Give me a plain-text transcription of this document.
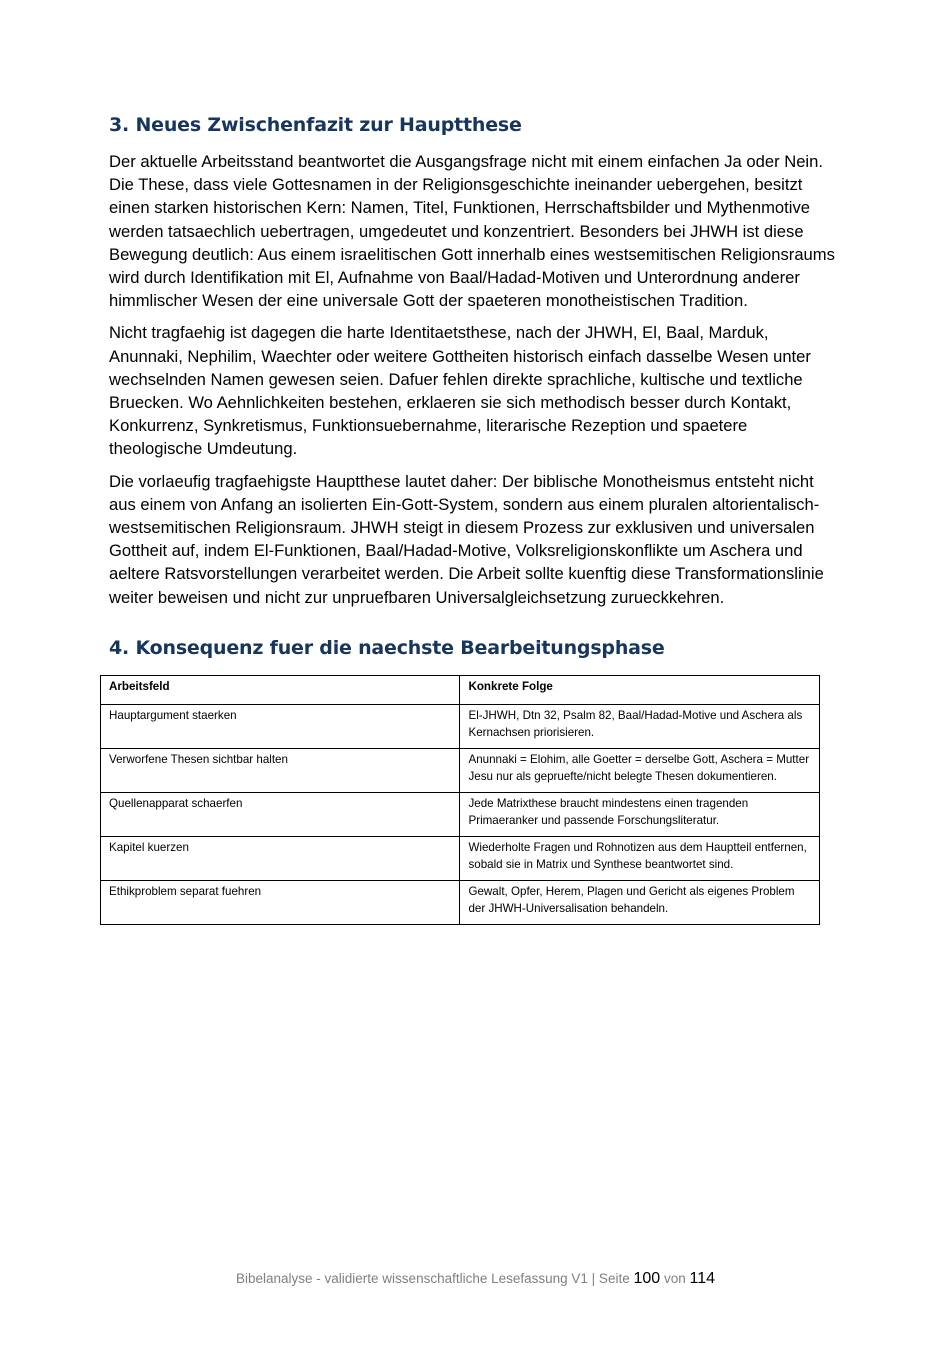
3. Neues Zwischenfazit zur Hauptthese

Der aktuelle Arbeitsstand beantwortet die Ausgangsfrage nicht mit einem einfachen Ja oder Nein. Die These, dass viele Gottesnamen in der Religionsgeschichte ineinander uebergehen, besitzt einen starken historischen Kern: Namen, Titel, Funktionen, Herrschaftsbilder und Mythenmotive werden tatsaechlich uebertragen, umgedeutet und konzentriert. Besonders bei JHWH ist diese Bewegung deutlich: Aus einem israelitischen Gott innerhalb eines westsemitischen Religionsraums wird durch Identifikation mit El, Aufnahme von Baal/Hadad-Motiven und Unterordnung anderer himmlischer Wesen der eine universale Gott der spaeteren monotheistischen Tradition.

Nicht tragfaehig ist dagegen die harte Identitaetsthese, nach der JHWH, El, Baal, Marduk, Anunnaki, Nephilim, Waechter oder weitere Gottheiten historisch einfach dasselbe Wesen unter wechselnden Namen gewesen seien. Dafuer fehlen direkte sprachliche, kultische und textliche Bruecken. Wo Aehnlichkeiten bestehen, erklaeren sie sich methodisch besser durch Kontakt, Konkurrenz, Synkretismus, Funktionsuebernahme, literarische Rezeption und spaetere theologische Umdeutung.

Die vorlaeufig tragfaehigste Hauptthese lautet daher: Der biblische Monotheismus entsteht nicht aus einem von Anfang an isolierten Ein-Gott-System, sondern aus einem pluralen altorientalisch-westsemitischen Religionsraum. JHWH steigt in diesem Prozess zur exklusiven und universalen Gottheit auf, indem El-Funktionen, Baal/Hadad-Motive, Volksreligionskonflikte um Aschera und aeltere Ratsvorstellungen verarbeitet werden. Die Arbeit sollte kuenftig diese Transformationslinie weiter beweisen und nicht zur unpruefbaren Universalgleichsetzung zurueckkehren.

4. Konsequenz fuer die naechste Bearbeitungsphase
Arbeitsfeld	Konkrete Folge
Hauptargument staerken	El-JHWH, Dtn 32, Psalm 82, Baal/Hadad-Motive und Aschera als Kernachsen priorisieren.
Verworfene Thesen sichtbar halten	Anunnaki = Elohim, alle Goetter = derselbe Gott, Aschera = Mutter Jesu nur als gepruefte/nicht belegte Thesen dokumentieren.
Quellenapparat schaerfen	Jede Matrixthese braucht mindestens einen tragenden Primaeranker und passende Forschungsliteratur.
Kapitel kuerzen	Wiederholte Fragen und Rohnotizen aus dem Hauptteil entfernen, sobald sie in Matrix und Synthese beantwortet sind.
Ethikproblem separat fuehren	Gewalt, Opfer, Herem, Plagen und Gericht als eigenes Problem der JHWH-Universalisation behandeln.
Bibelanalyse - validierte wissenschaftliche Lesefassung V1 | Seite 100 von 114
